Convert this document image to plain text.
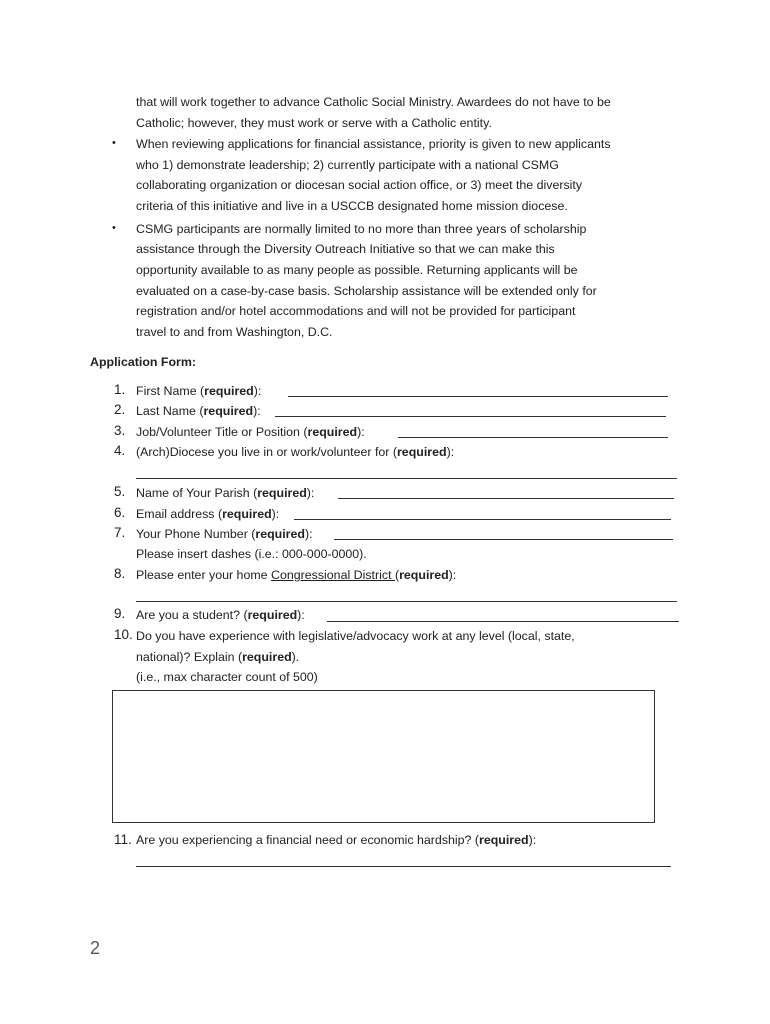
that will work together to advance Catholic Social Ministry. Awardees do not have to be
Catholic; however, they must work or serve with a Catholic entity.
• When reviewing applications for financial assistance, priority is given to new applicants
who 1) demonstrate leadership; 2) currently participate with a national CSMG
collaborating organization or diocesan social action office, or 3) meet the diversity
criteria of this initiative and live in a USCCB designated home mission diocese.
• CSMG participants are normally limited to no more than three years of scholarship
assistance through the Diversity Outreach Initiative so that we can make this
opportunity available to as many people as possible. Returning applicants will be
evaluated on a case-by-case basis. Scholarship assistance will be extended only for
registration and/or hotel accommodations and will not be provided for participant
travel to and from Washington, D.C.
Application Form:
1. First Name (required):
2. Last Name (required):
3. Job/Volunteer Title or Position (required):
4. (Arch)Diocese you live in or work/volunteer for (required):
5. Name of Your Parish (required):
6. Email address (required):
7. Your Phone Number (required):
Please insert dashes (i.e.: 000-000-0000).
8. Please enter your home Congressional District (required):
9. Are you a student? (required):
10. Do you have experience with legislative/advocacy work at any level (local, state,
national)? Explain (required).
(i.e., max character count of 500)
11. Are you experiencing a financial need or economic hardship? (required):
2
